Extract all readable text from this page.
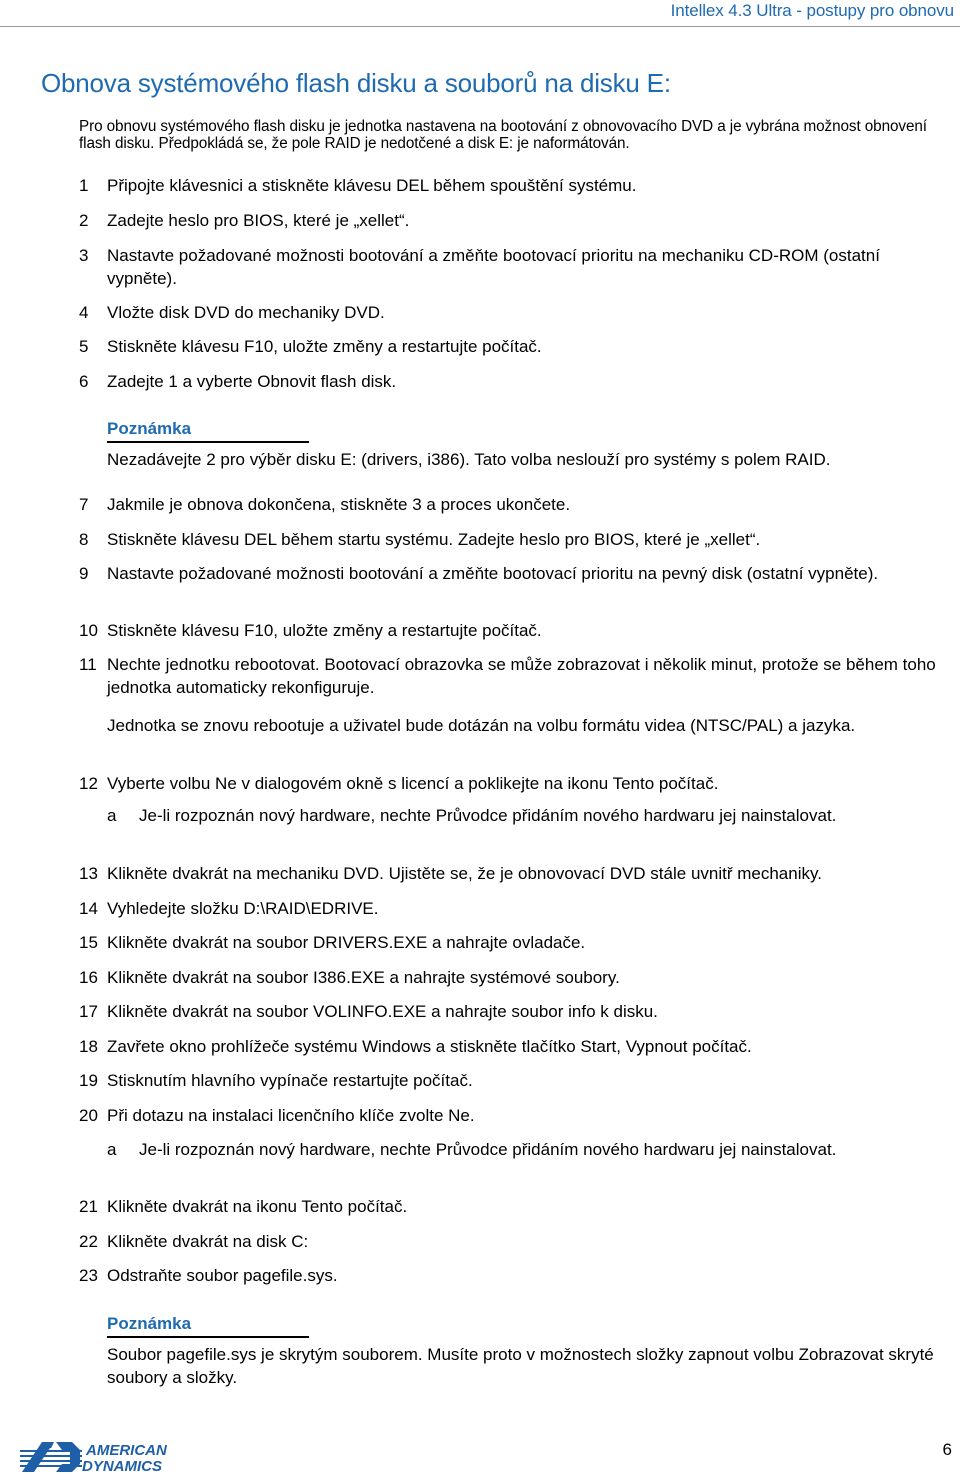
Intellex 4.3 Ultra - postupy pro obnovu
Obnova systémového flash disku a souborů na disku E:
Pro obnovu systémového flash disku je jednotka nastavena na bootování z obnovovacího DVD a je vybrána možnost obnovení flash disku. Předpokládá se, že pole RAID je nedotčené a disk E: je naformátován.
1	Připojte klávesnici a stiskněte klávesu DEL během spouštění systému.
2	Zadejte heslo pro BIOS, které je „xellet“.
3	Nastavte požadované možnosti bootování a změňte bootovací prioritu na mechaniku CD-ROM (ostatní vypněte).
4	Vložte disk DVD do mechaniky DVD.
5	Stiskněte klávesu F10, uložte změny a restartujte počítač.
6	Zadejte 1 a vyberte Obnovit flash disk.
Poznámka
Nezadávejte 2 pro výběr disku E: (drivers, i386). Tato volba neslouží pro systémy s polem RAID.
7	Jakmile je obnova dokončena, stiskněte 3 a proces ukončete.
8	Stiskněte klávesu DEL během startu systému. Zadejte heslo pro BIOS, které je „xellet“.
9	Nastavte požadované možnosti bootování a změňte bootovací prioritu na pevný disk (ostatní vypněte).
10 Stiskněte klávesu F10, uložte změny a restartujte počítač.
11 Nechte jednotku rebootovat. Bootovací obrazovka se může zobrazovat i několik minut, protože se během toho jednotka automaticky rekonfiguruje.
Jednotka se znovu rebootuje a uživatel bude dotázán na volbu formátu videa (NTSC/PAL) a jazyka.
12 Vyberte volbu Ne v dialogovém okně s licencí a poklikejte na ikonu Tento počítač.
a	Je-li rozpoznán nový hardware, nechte Průvodce přidáním nového hardwaru jej nainstalovat.
13 Klikněte dvakrát na mechaniku DVD. Ujistěte se, že je obnovovací DVD stále uvnitř mechaniky.
14 Vyhledejte složku D:\RAID\EDRIVE.
15 Klikněte dvakrát na soubor DRIVERS.EXE a nahrajte ovladače.
16 Klikněte dvakrát na soubor I386.EXE a nahrajte systémové soubory.
17 Klikněte dvakrát na soubor VOLINFO.EXE a nahrajte soubor info k disku.
18 Zavřete okno prohlížeče systému Windows a stiskněte tlačítko Start, Vypnout počítač.
19 Stisknutím hlavního vypínače restartujte počítač.
20 Při dotazu na instalaci licenčního klíče zvolte Ne.
a	Je-li rozpoznán nový hardware, nechte Průvodce přidáním nového hardwaru jej nainstalovat.
21 Klikněte dvakrát na ikonu Tento počítač.
22 Klikněte dvakrát na disk C:
23 Odstraňte soubor pagefile.sys.
Poznámka
Soubor pagefile.sys je skrytým souborem. Musíte proto v možnostech složky zapnout volbu Zobrazovat skryté soubory a složky.
AMERICAN
DYNAMICS
6
